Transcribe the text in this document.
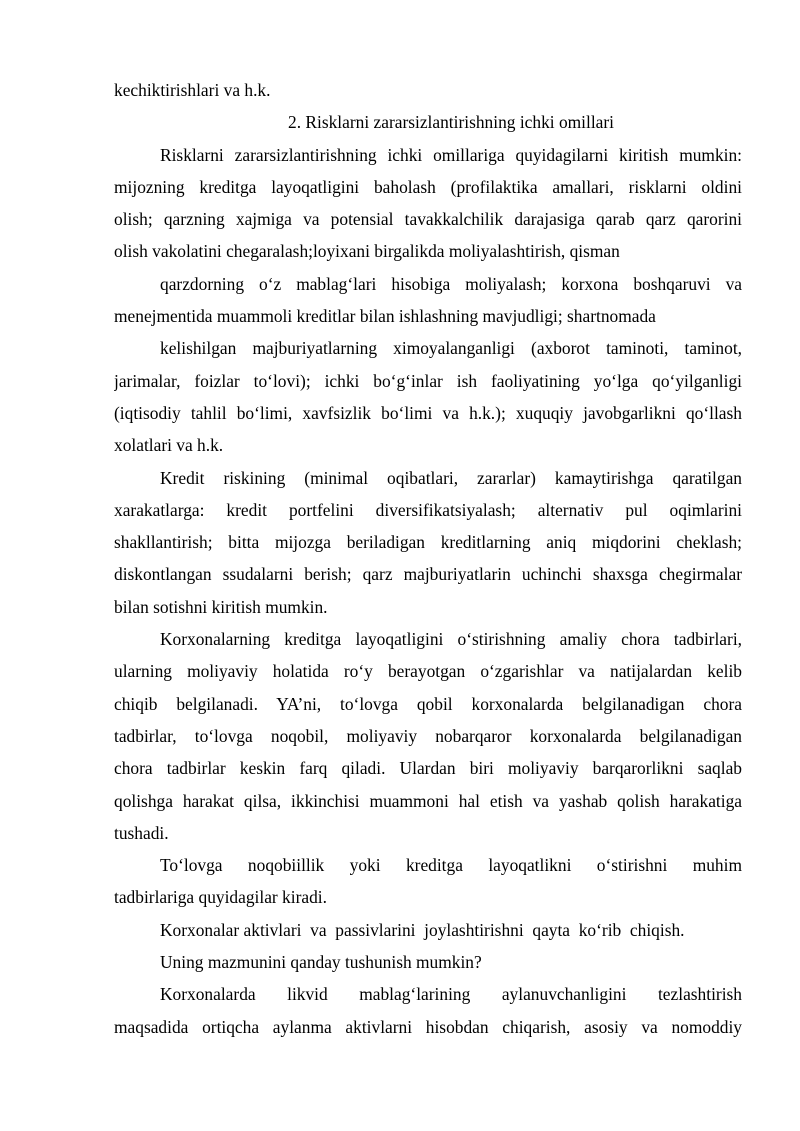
kechiktirishlari va h.k.
2. Risklarni zararsizlantirishning ichki omillari
Risklarni zararsizlantirishning ichki omillariga quyidagilarni kiritish mumkin:
mijozning kreditga layoqatligini baholash (profilaktika amallari, risklarni oldini
olish; qarzning xajmiga va potensial tavakkalchilik darajasiga qarab qarz qarorini
olish vakolatini chegaralash;loyixani birgalikda moliyalashtirish, qisman
qarzdorning o‘z mablag‘lari hisobiga moliyalash; korxona boshqaruvi va
menejmentida muammoli kreditlar bilan ishlashning mavjudligi; shartnomada
kelishilgan majburiyatlarning ximoyalanganligi (axborot taminoti, taminot,
jarimalar, foizlar to‘lovi); ichki bo‘g‘inlar ish faoliyatining yo‘lga qo‘yilganligi
(iqtisodiy tahlil bo‘limi, xavfsizlik bo‘limi va h.k.); xuquqiy javobgarlikni qo‘llash
xolatlari va h.k.
Kredit riskining (minimal oqibatlari, zararlar) kamaytirishga qaratilgan
xarakatlarga: kredit portfelini diversifikatsiyalash; alternativ pul oqimlarini
shakllantirish; bitta mijozga beriladigan kreditlarning aniq miqdorini cheklash;
diskontlangan ssudalarni berish; qarz majburiyatlarin uchinchi shaxsga chegirmalar
bilan sotishni kiritish mumkin.
Korxonalarning kreditga layoqatligini o‘stirishning amaliy chora tadbirlari,
ularning moliyaviy holatida ro‘y berayotgan o‘zgarishlar va natijalardan kelib
chiqib belgilanadi. YA’ni, to‘lovga qobil korxonalarda belgilanadigan chora
tadbirlar, to‘lovga noqobil, moliyaviy nobarqaror korxonalarda belgilanadigan
chora tadbirlar keskin farq qiladi. Ulardan biri moliyaviy barqarorlikni saqlab
qolishga harakat qilsa, ikkinchisi muammoni hal etish va yashab qolish harakatiga
tushadi.
To‘lovga noqobiillik yoki kreditga layoqatlikni o‘stirishni muhim
tadbirlariga quyidagilar kiradi.
Korxonalar aktivlari  va  passivlarini  joylashtirishni  qayta  ko‘rib  chiqish.
Uning mazmunini qanday tushunish mumkin?
Korxonalarda likvid mablag‘larining aylanuvchanligini tezlashtirish
maqsadida ortiqcha aylanma aktivlarni hisobdan chiqarish, asosiy va nomoddiy
